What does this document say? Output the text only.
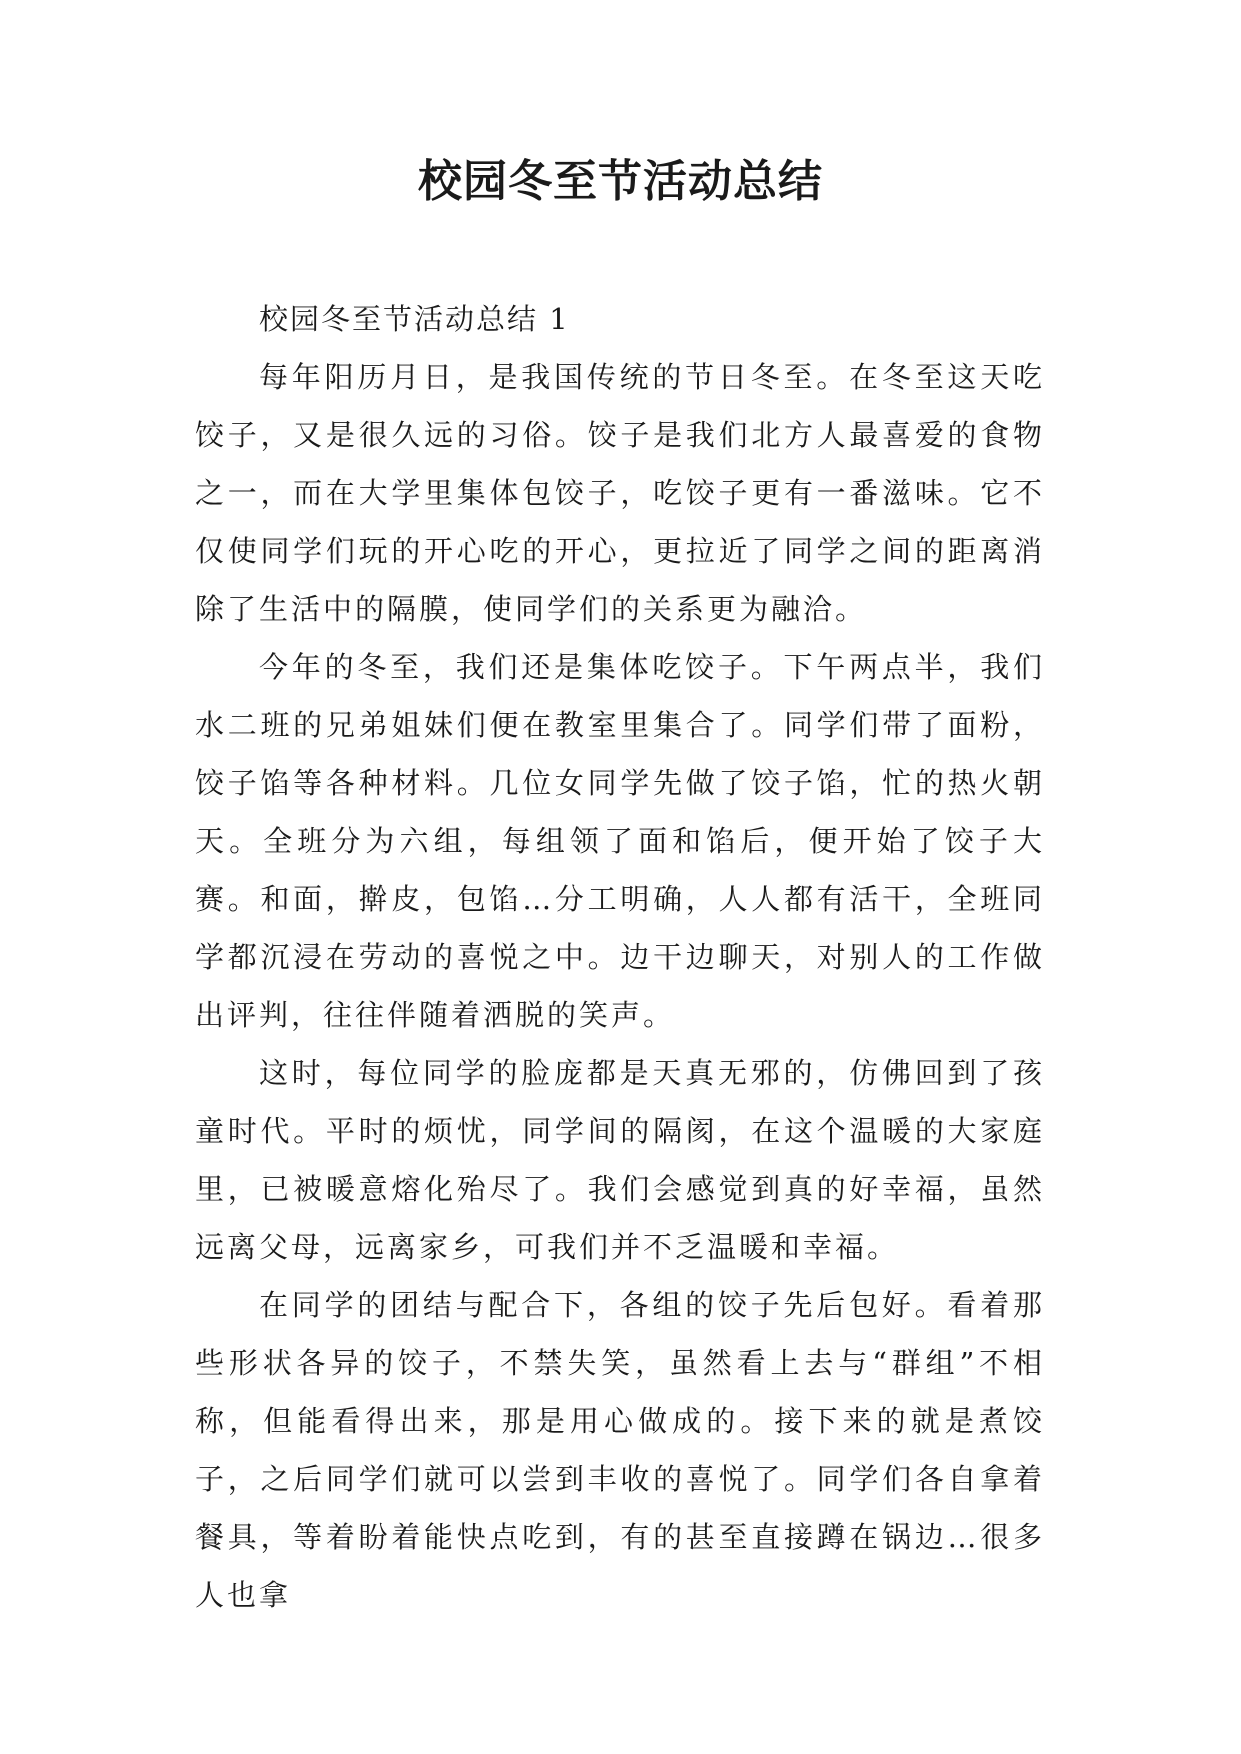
校园冬至节活动总结

校园冬至节活动总结 1

每年阳历月日，是我国传统的节日冬至。在冬至这天吃饺子，又是很久远的习俗。饺子是我们北方人最喜爱的食物之一，而在大学里集体包饺子，吃饺子更有一番滋味。它不仅使同学们玩的开心吃的开心，更拉近了同学之间的距离消除了生活中的隔膜，使同学们的关系更为融洽。

今年的冬至，我们还是集体吃饺子。下午两点半，我们水二班的兄弟姐妹们便在教室里集合了。同学们带了面粉，饺子馅等各种材料。几位女同学先做了饺子馅，忙的热火朝天。全班分为六组，每组领了面和馅后，便开始了饺子大赛。和面，擀皮，包馅…分工明确，人人都有活干，全班同学都沉浸在劳动的喜悦之中。边干边聊天，对别人的工作做出评判，往往伴随着洒脱的笑声。

这时，每位同学的脸庞都是天真无邪的，仿佛回到了孩童时代。平时的烦忧，同学间的隔阂，在这个温暖的大家庭里，已被暖意熔化殆尽了。我们会感觉到真的好幸福，虽然远离父母，远离家乡，可我们并不乏温暖和幸福。

在同学的团结与配合下，各组的饺子先后包好。看着那些形状各异的饺子，不禁失笑，虽然看上去与“群组”不相称，但能看得出来，那是用心做成的。接下来的就是煮饺子，之后同学们就可以尝到丰收的喜悦了。同学们各自拿着餐具，等着盼着能快点吃到，有的甚至直接蹲在锅边…很多人也拿
